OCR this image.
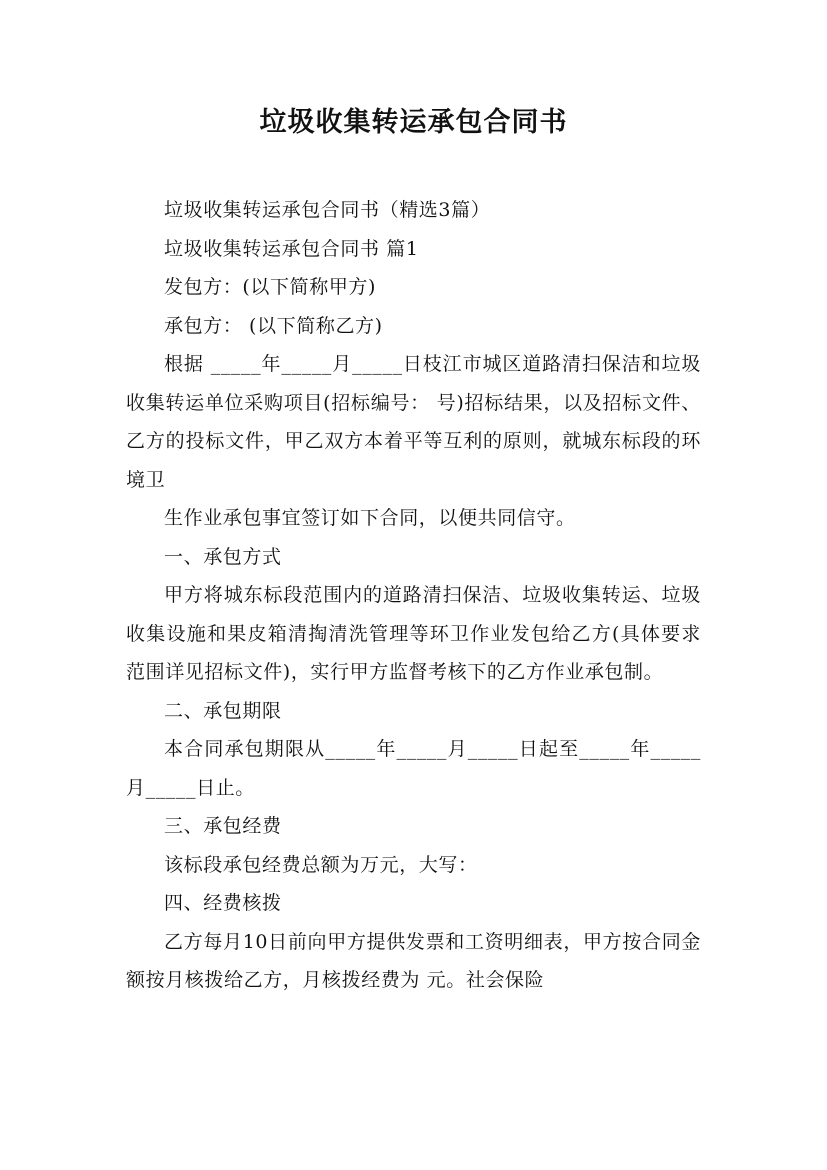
垃圾收集转运承包合同书

垃圾收集转运承包合同书（精选3篇）

垃圾收集转运承包合同书 篇1

发包方：(以下简称甲方)

承包方： (以下简称乙方)

根据 _____年_____月_____日枝江市城区道路清扫保洁和垃圾收集转运单位采购项目(招标编号： 号)招标结果，以及招标文件、乙方的投标文件，甲乙双方本着平等互利的原则，就城东标段的环境卫

生作业承包事宜签订如下合同，以便共同信守。

一、承包方式

甲方将城东标段范围内的道路清扫保洁、垃圾收集转运、垃圾收集设施和果皮箱清掏清洗管理等环卫作业发包给乙方(具体要求范围详见招标文件)，实行甲方监督考核下的乙方作业承包制。

二、承包期限

本合同承包期限从_____年_____月_____日起至_____年_____月_____日止。

三、承包经费

该标段承包经费总额为万元，大写：

四、经费核拨

乙方每月10日前向甲方提供发票和工资明细表，甲方按合同金额按月核拨给乙方，月核拨经费为 元。社会保险
